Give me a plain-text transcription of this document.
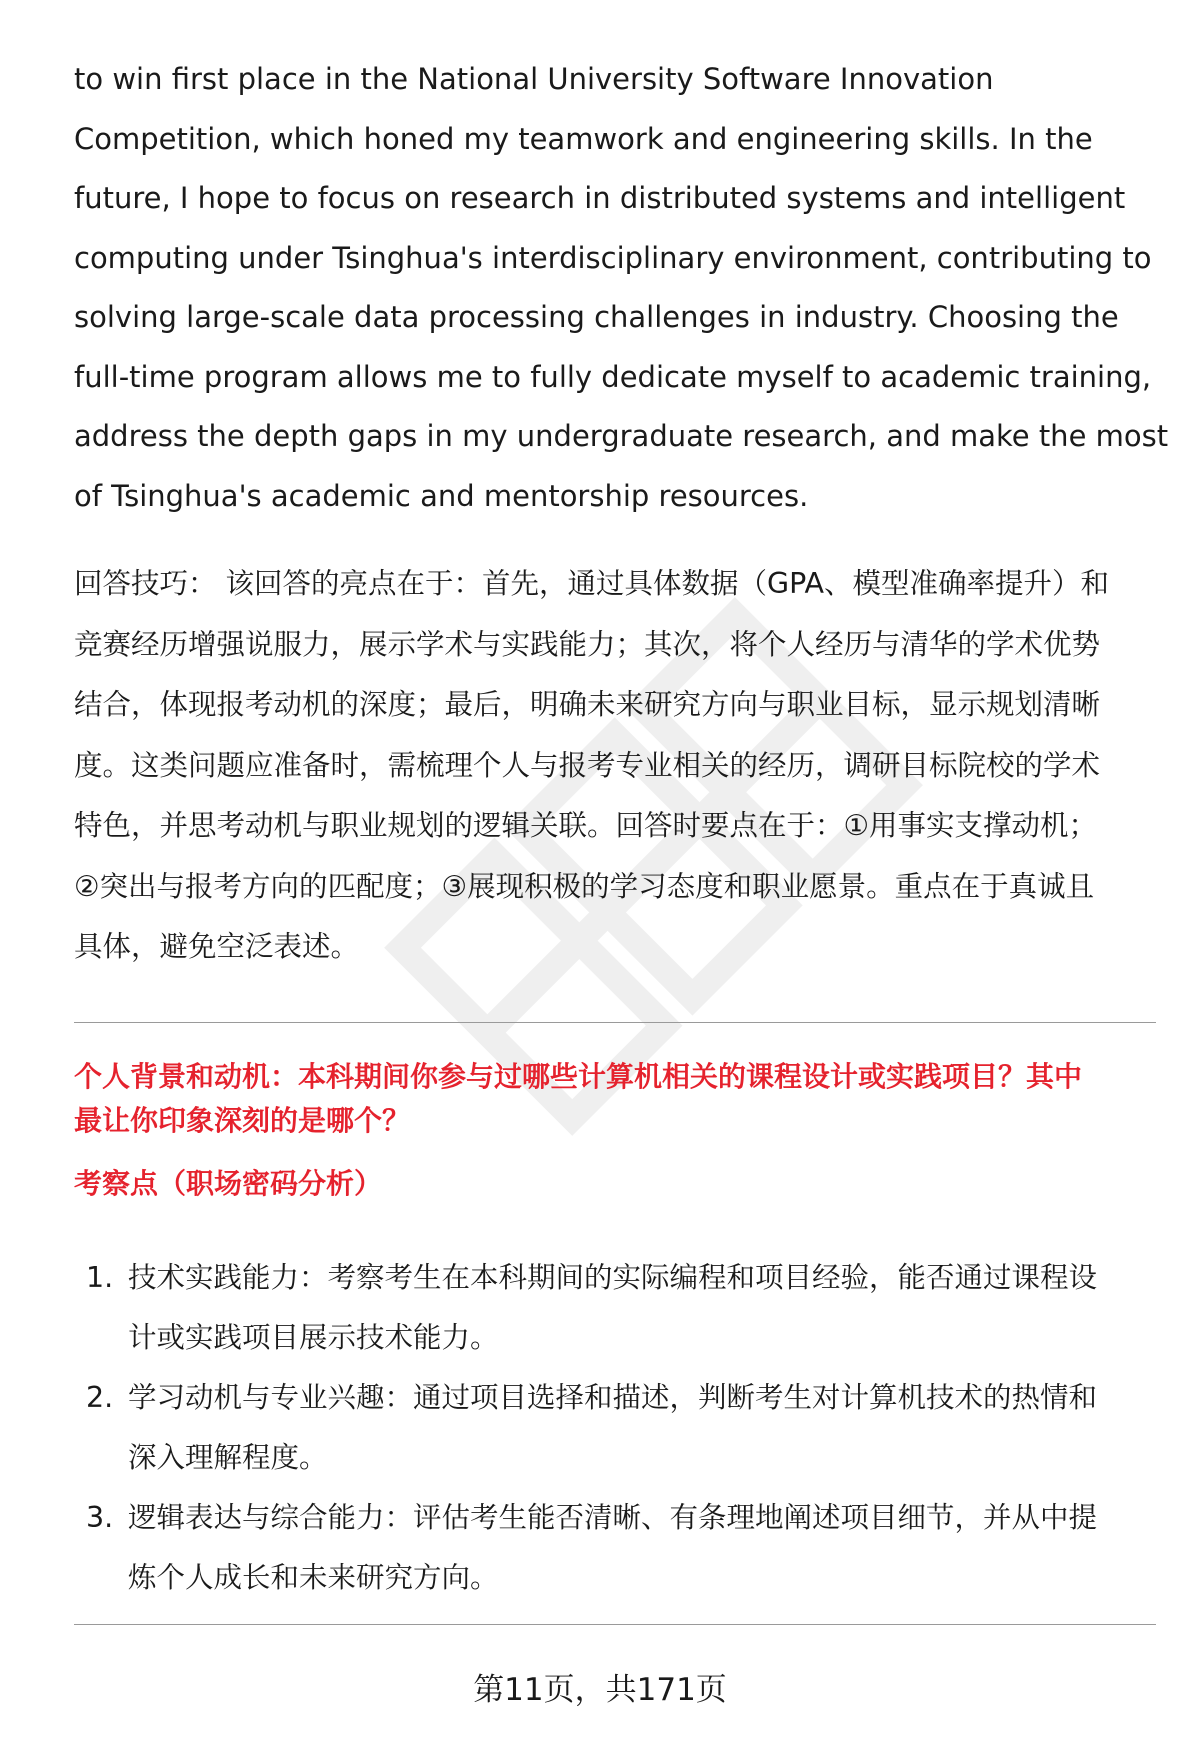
to win first place in the National University Software Innovation
Competition, which honed my teamwork and engineering skills. In the
future, I hope to focus on research in distributed systems and intelligent
computing under Tsinghua's interdisciplinary environment, contributing to
solving large-scale data processing challenges in industry. Choosing the
full-time program allows me to fully dedicate myself to academic training,
address the depth gaps in my undergraduate research, and make the most
of Tsinghua's academic and mentorship resources.
回答技巧： 该回答的亮点在于：首先，通过具体数据（GPA、模型准确率提升）和
竞赛经历增强说服力，展示学术与实践能力；其次，将个人经历与清华的学术优势
结合，体现报考动机的深度；最后，明确未来研究方向与职业目标，显示规划清晰
度。这类问题应准备时，需梳理个人与报考专业相关的经历，调研目标院校的学术
特色，并思考动机与职业规划的逻辑关联。回答时要点在于：①用事实支撑动机；
②突出与报考方向的匹配度；③展现积极的学习态度和职业愿景。重点在于真诚且
具体，避免空泛表述。
个人背景和动机：本科期间你参与过哪些计算机相关的课程设计或实践项目？其中
最让你印象深刻的是哪个？
考察点（职场密码分析）
1. 技术实践能力：考察考生在本科期间的实际编程和项目经验，能否通过课程设
计或实践项目展示技术能力。
2. 学习动机与专业兴趣：通过项目选择和描述，判断考生对计算机技术的热情和
深入理解程度。
3. 逻辑表达与综合能力：评估考生能否清晰、有条理地阐述项目细节，并从中提
炼个人成长和未来研究方向。
第11页，共171页
